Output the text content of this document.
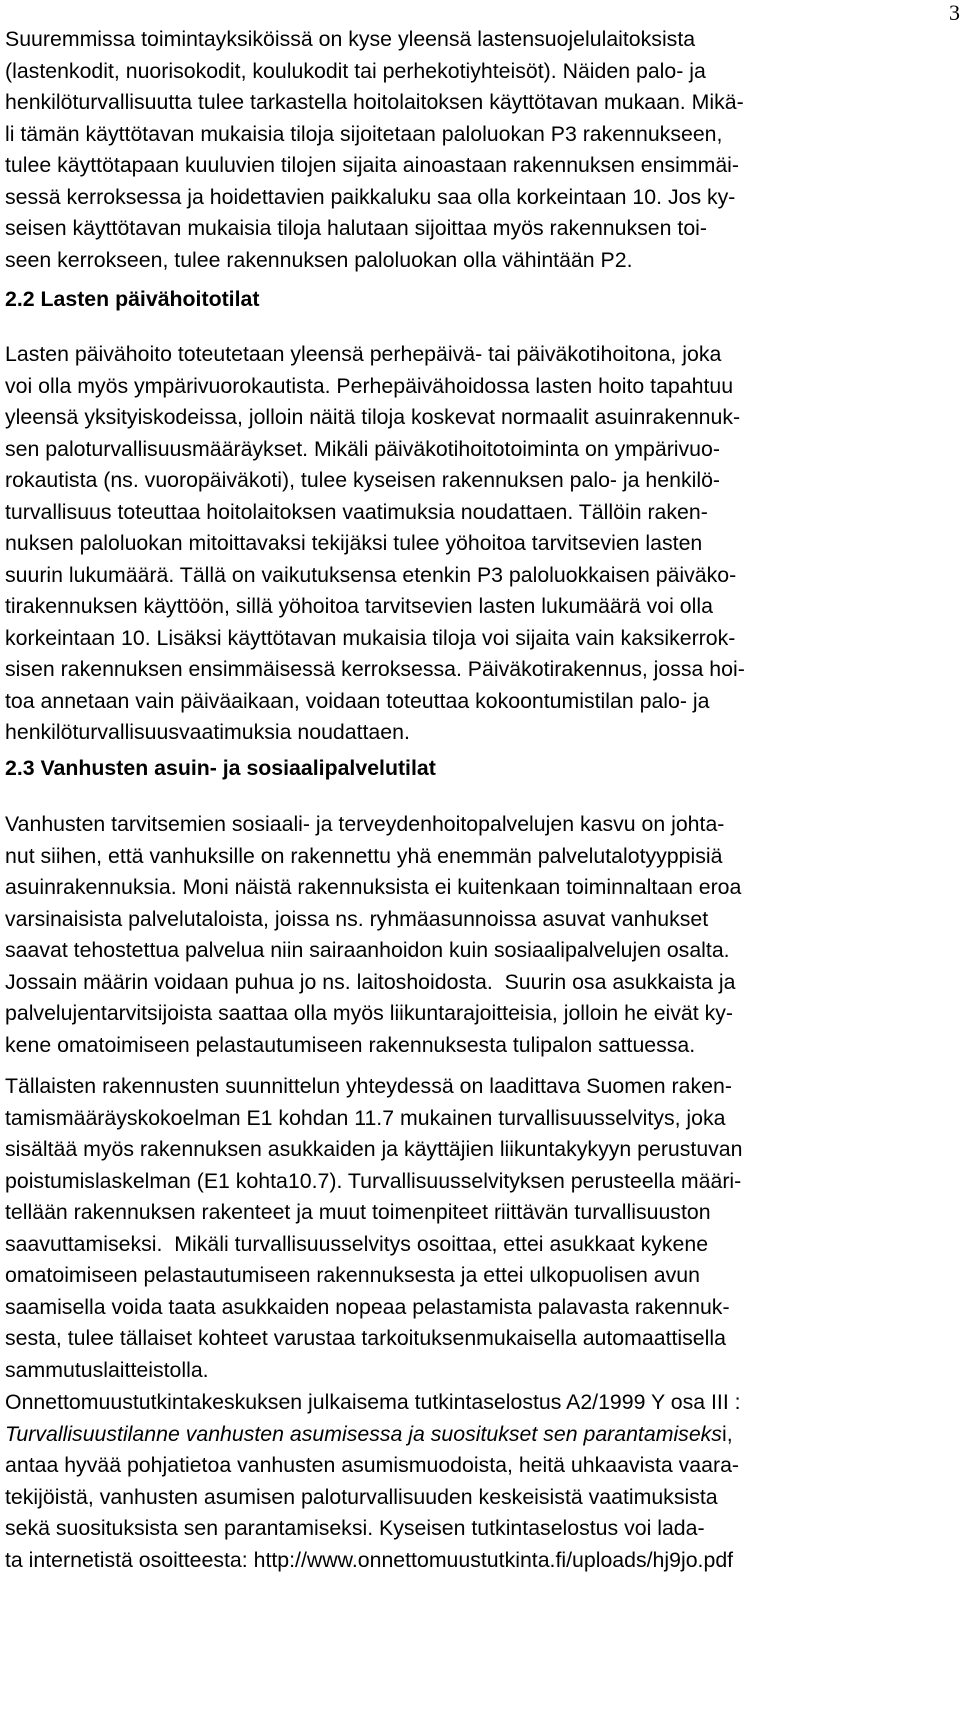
3
Suuremmissa toimintayksiköissä on kyse yleensä lastensuojelulaitoksista
(lastenkodit, nuorisokodit, koulukodit tai perhekotiyhteisöt). Näiden palo- ja
henkilöturvallisuutta tulee tarkastella hoitolaitoksen käyttötavan mukaan. Mikä-
li tämän käyttötavan mukaisia tiloja sijoitetaan paloluokan P3 rakennukseen,
tulee käyttötapaan kuuluvien tilojen sijaita ainoastaan rakennuksen ensimmäi-
sessä kerroksessa ja hoidettavien paikkaluku saa olla korkeintaan 10. Jos ky-
seisen käyttötavan mukaisia tiloja halutaan sijoittaa myös rakennuksen toi-
seen kerrokseen, tulee rakennuksen paloluokan olla vähintään P2.
2.2 Lasten päivähoitotilat
Lasten päivähoito toteutetaan yleensä perhepäivä- tai päiväkotihoitona, joka
voi olla myös ympärivuorokautista. Perhepäivähoidossa lasten hoito tapahtuu
yleensä yksityiskodeissa, jolloin näitä tiloja koskevat normaalit asuinrakennuk-
sen paloturvallisuusmääräykset. Mikäli päiväkotihoitotoiminta on ympärivuo-
rokautista (ns. vuoropäiväkoti), tulee kyseisen rakennuksen palo- ja henkilö-
turvallisuus toteuttaa hoitolaitoksen vaatimuksia noudattaen. Tällöin raken-
nuksen paloluokan mitoittavaksi tekijäksi tulee yöhoitoa tarvitsevien lasten
suurin lukumäärä. Tällä on vaikutuksensa etenkin P3 paloluokkaisen päiväko-
tirakennuksen käyttöön, sillä yöhoitoa tarvitsevien lasten lukumäärä voi olla
korkeintaan 10. Lisäksi käyttötavan mukaisia tiloja voi sijaita vain kaksikerrok-
sisen rakennuksen ensimmäisessä kerroksessa. Päiväkotirakennus, jossa hoi-
toa annetaan vain päiväaikaan, voidaan toteuttaa kokoontumistilan palo- ja
henkilöturvallisuusvaatimuksia noudattaen.
2.3 Vanhusten asuin- ja sosiaalipalvelutilat
Vanhusten tarvitsemien sosiaali- ja terveydenhoitopalvelujen kasvu on johta-
nut siihen, että vanhuksille on rakennettu yhä enemmän palvelutalotyyppisiä
asuinrakennuksia. Moni näistä rakennuksista ei kuitenkaan toiminnaltaan eroa
varsinaisista palvelutaloista, joissa ns. ryhmäasunnoissa asuvat vanhukset
saavat tehostettua palvelua niin sairaanhoidon kuin sosiaalipalvelujen osalta.
Jossain määrin voidaan puhua jo ns. laitoshoidosta.  Suurin osa asukkaista ja
palvelujentarvitsijoista saattaa olla myös liikuntarajoitteisia, jolloin he eivät ky-
kene omatoimiseen pelastautumiseen rakennuksesta tulipalon sattuessa.
Tällaisten rakennusten suunnittelun yhteydessä on laadittava Suomen raken-
tamismääräyskokoelman E1 kohdan 11.7 mukainen turvallisuusselvitys, joka
sisältää myös rakennuksen asukkaiden ja käyttäjien liikuntakykyyn perustuvan
poistumislaskelman (E1 kohta10.7). Turvallisuusselvityksen perusteella määri-
tellään rakennuksen rakenteet ja muut toimenpiteet riittävän turvallisuuston
saavuttamiseksi.  Mikäli turvallisuusselvitys osoittaa, ettei asukkaat kykene
omatoimiseen pelastautumiseen rakennuksesta ja ettei ulkopuolisen avun
saamisella voida taata asukkaiden nopeaa pelastamista palavasta rakennuk-
sesta, tulee tällaiset kohteet varustaa tarkoituksenmukaisella automaattisella
sammutuslaitteistolla.
Onnettomuustutkintakeskuksen julkaisema tutkintaselostus A2/1999 Y osa III :
Turvallisuustilanne vanhusten asumisessa ja suositukset sen parantamiseksi,
antaa hyvää pohjatietoa vanhusten asumismuodoista, heitä uhkaavista vaara-
tekijöistä, vanhusten asumisen paloturvallisuuden keskeisistä vaatimuksista
sekä suosituksista sen parantamiseksi. Kyseisen tutkintaselostus voi lada-
ta internetistä osoitteesta: http://www.onnettomuustutkinta.fi/uploads/hj9jo.pdf
